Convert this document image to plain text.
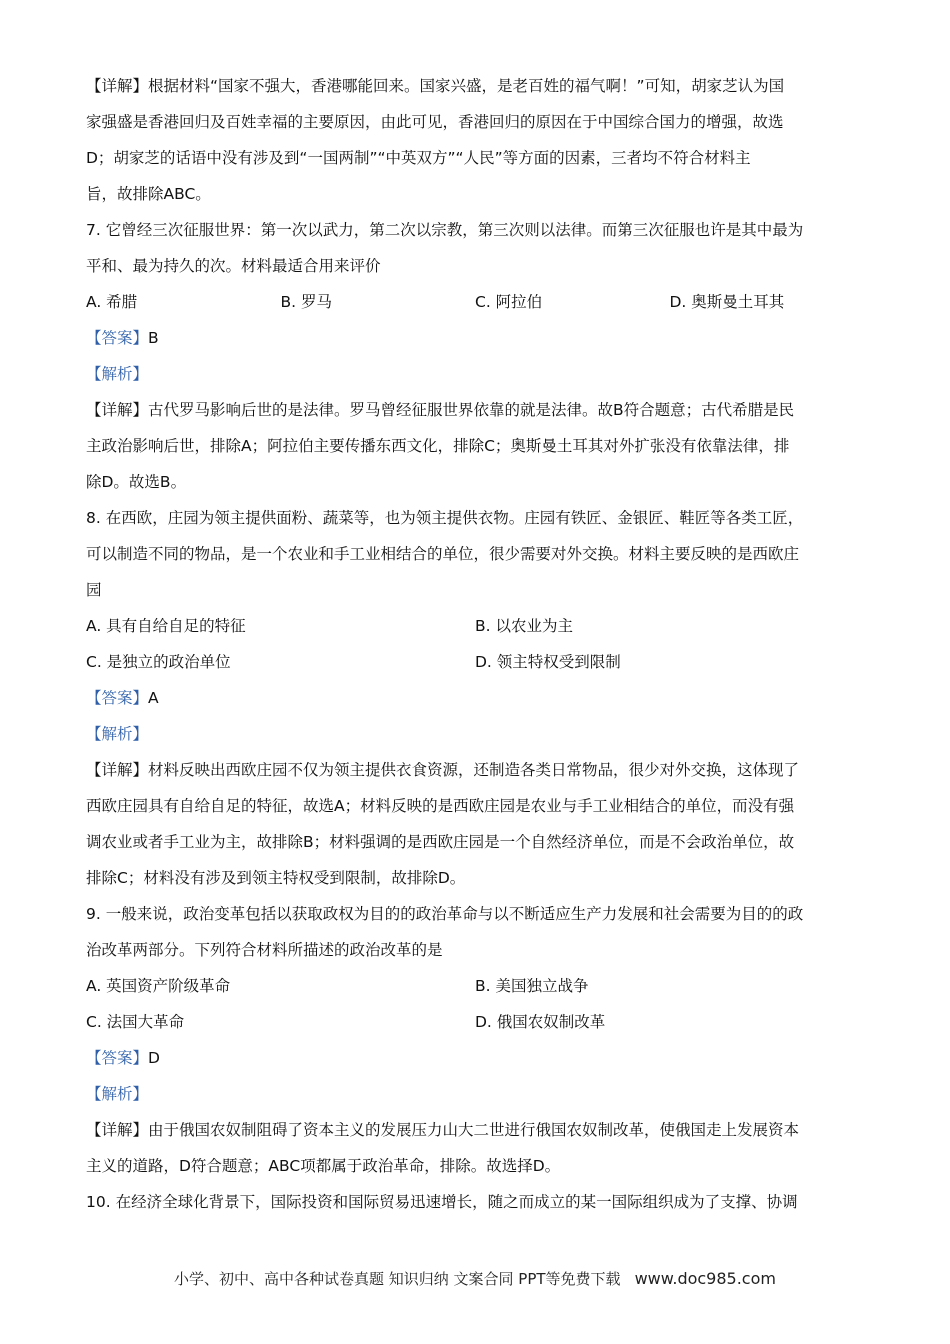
【详解】根据材料“国家不强大，香港哪能回来。国家兴盛，是老百姓的福气啊！”可知，胡家芝认为国
家强盛是香港回归及百姓幸福的主要原因，由此可见，香港回归的原因在于中国综合国力的增强，故选
D；胡家芝的话语中没有涉及到“一国两制”“中英双方”“人民”等方面的因素，三者均不符合材料主
旨，故排除ABC。
7. 它曾经三次征服世界：第一次以武力，第二次以宗教，第三次则以法律。而第三次征服也许是其中最为
平和、最为持久的次。材料最适合用来评价
A. 希腊	B. 罗马	C. 阿拉伯	D. 奥斯曼土耳其
【答案】B
【解析】
【详解】古代罗马影响后世的是法律。罗马曾经征服世界依靠的就是法律。故B符合题意；古代希腊是民
主政治影响后世，排除A；阿拉伯主要传播东西文化，排除C；奥斯曼土耳其对外扩张没有依靠法律，排
除D。故选B。
8. 在西欧，庄园为领主提供面粉、蔬菜等，也为领主提供衣物。庄园有铁匠、金银匠、鞋匠等各类工匠，
可以制造不同的物品，是一个农业和手工业相结合的单位，很少需要对外交换。材料主要反映的是西欧庄
园
A. 具有自给自足的特征	B. 以农业为主
C. 是独立的政治单位	D. 领主特权受到限制
【答案】A
【解析】
【详解】材料反映出西欧庄园不仅为领主提供衣食资源，还制造各类日常物品，很少对外交换，这体现了
西欧庄园具有自给自足的特征，故选A；材料反映的是西欧庄园是农业与手工业相结合的单位，而没有强
调农业或者手工业为主，故排除B；材料强调的是西欧庄园是一个自然经济单位，而是不会政治单位，故
排除C；材料没有涉及到领主特权受到限制，故排除D。
9. 一般来说，政治变革包括以获取政权为目的的政治革命与以不断适应生产力发展和社会需要为目的的政
治改革两部分。下列符合材料所描述的政治改革的是
A. 英国资产阶级革命	B. 美国独立战争
C. 法国大革命	D. 俄国农奴制改革
【答案】D
【解析】
【详解】由于俄国农奴制阻碍了资本主义的发展压力山大二世进行俄国农奴制改革，使俄国走上发展资本
主义的道路，D符合题意；ABC项都属于政治革命，排除。故选择D。
10. 在经济全球化背景下，国际投资和国际贸易迅速增长，随之而成立的某一国际组织成为了支撑、协调
小学、初中、高中各种试卷真题 知识归纳 文案合同 PPT等免费下载 www.doc985.com
